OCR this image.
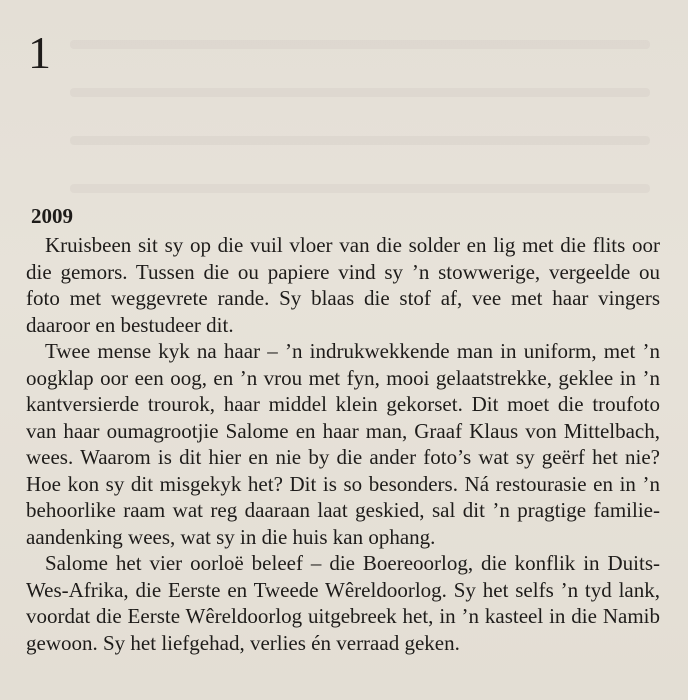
1
2009

Kruisbeen sit sy op die vuil vloer van die solder en lig met die flits oor die gemors. Tussen die ou papiere vind sy ’n stowwerige, vergeelde ou foto met weggevrete rande. Sy blaas die stof af, vee met haar vingers daaroor en bestudeer dit.

Twee mense kyk na haar – ’n indrukwekkende man in uniform, met ’n oogklap oor een oog, en ’n vrou met fyn, mooi gelaatstrekke, geklee in ’n kantversierde trourok, haar middel klein gekorset. Dit moet die troufoto van haar oumagrootjie Salome en haar man, Graaf Klaus von Mittelbach, wees. Waarom is dit hier en nie by die ander foto’s wat sy geërf het nie? Hoe kon sy dit misgekyk het? Dit is so besonders. Ná restourasie en in ’n behoorlike raam wat reg daaraan laat geskied, sal dit ’n pragtige familie-aandenking wees, wat sy in die huis kan ophang.

Salome het vier oorloë beleef – die Boereoorlog, die konflik in Duits-Wes-Afrika, die Eerste en Tweede Wêreldoorlog. Sy het selfs ’n tyd lank, voordat die Eerste Wêreldoorlog uitgebreek het, in ’n kasteel in die Namib gewoon. Sy het liefgehad, verlies én verraad geken.
